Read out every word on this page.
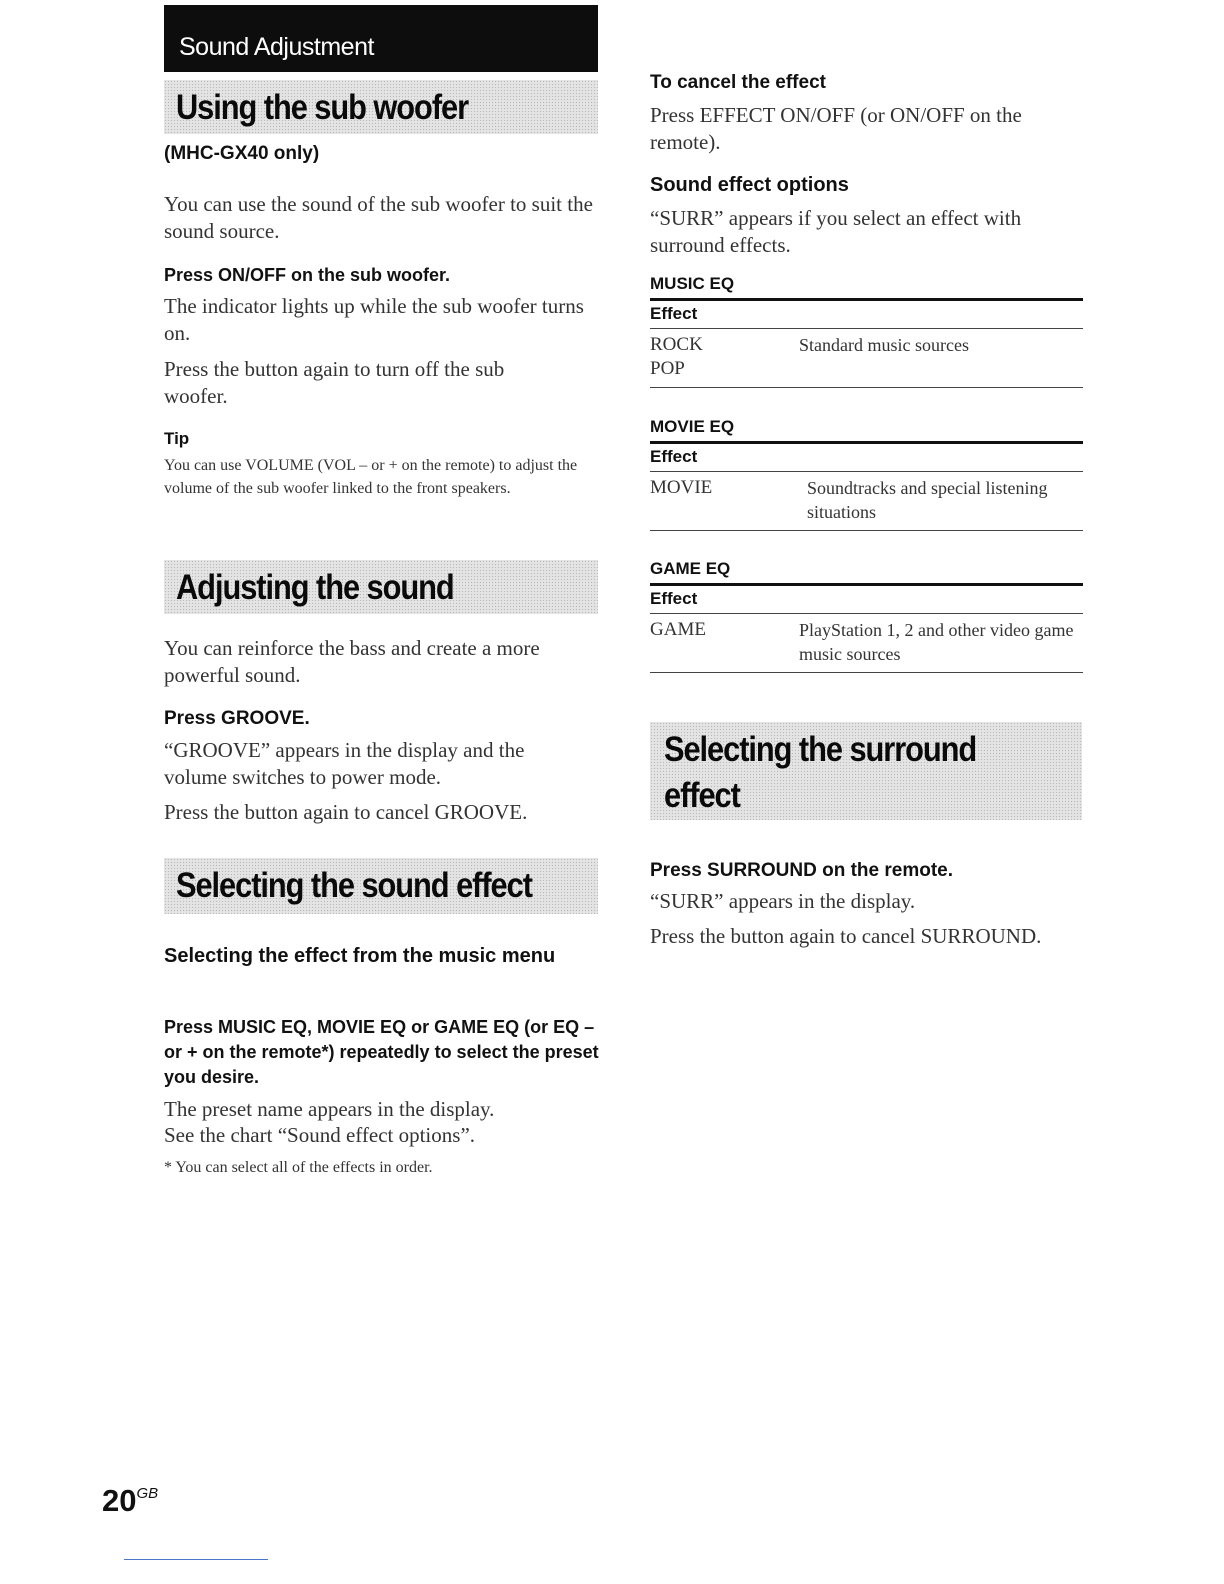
Sound Adjustment
Using the sub woofer
(MHC-GX40 only)
You can use the sound of the sub woofer to suit the sound source.
Press ON/OFF on the sub woofer.
The indicator lights up while the sub woofer turns on.
Press the button again to turn off the sub woofer.
Tip
You can use VOLUME (VOL – or + on the remote) to adjust the volume of the sub woofer linked to the front speakers.
Adjusting the sound
You can reinforce the bass and create a more powerful sound.
Press GROOVE.
“GROOVE” appears in the display and the volume switches to power mode.
Press the button again to cancel GROOVE.
Selecting the sound effect
Selecting the effect from the music menu
Press MUSIC EQ, MOVIE EQ or GAME EQ (or EQ – or + on the remote*) repeatedly to select the preset you desire.
The preset name appears in the display.
See the chart “Sound effect options”.
* You can select all of the effects in order.
To cancel the effect
Press EFFECT ON/OFF (or ON/OFF on the remote).
Sound effect options
“SURR” appears if you select an effect with surround effects.
MUSIC EQ
Effect
ROCK
POP
Standard music sources
MOVIE EQ
Effect
MOVIE	Soundtracks and special listening situations
GAME EQ
Effect
GAME	PlayStation 1, 2 and other video game music sources
Selecting the surround
effect
Press SURROUND on the remote.
“SURR” appears in the display.
Press the button again to cancel SURROUND.
$20^{GB}$
